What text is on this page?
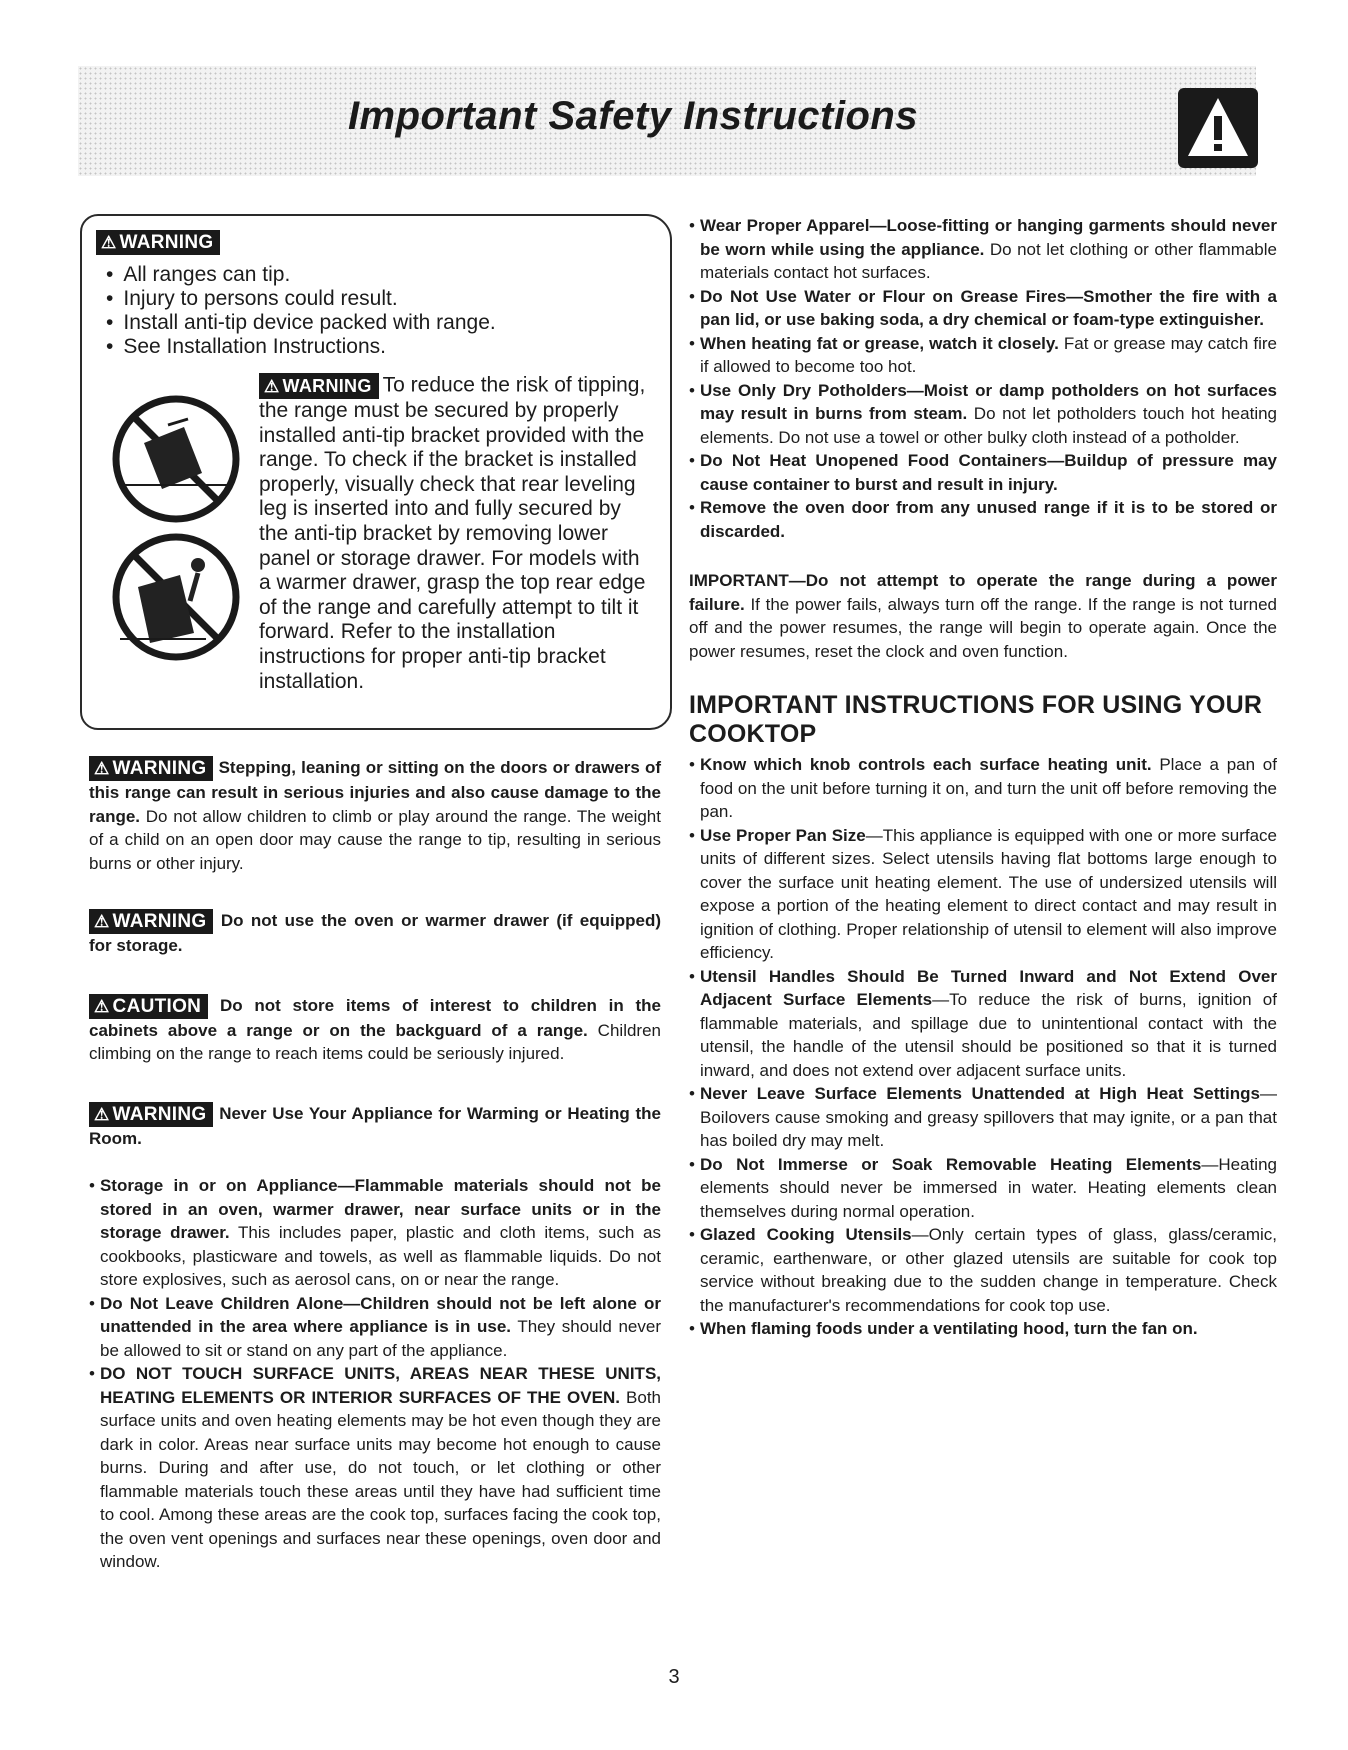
Important Safety Instructions
⚠ WARNING
• All ranges can tip.
• Injury to persons could result.
• Install anti-tip device packed with range.
• See Installation Instructions.
⚠ WARNING To reduce the risk of tipping, the range must be secured by properly installed anti-tip bracket provided with the range. To check if the bracket is installed properly, visually check that rear leveling leg is inserted into and fully secured by the anti-tip bracket by removing lower panel or storage drawer. For models with a warmer drawer, grasp the top rear edge of the range and carefully attempt to tilt it forward. Refer to the installation instructions for proper anti-tip bracket installation.

⚠ WARNING Stepping, leaning or sitting on the doors or drawers of this range can result in serious injuries and also cause damage to the range. Do not allow children to climb or play around the range. The weight of a child on an open door may cause the range to tip, resulting in serious burns or other injury.

⚠ WARNING Do not use the oven or warmer drawer (if equipped) for storage.

⚠ CAUTION Do not store items of interest to children in the cabinets above a range or on the backguard of a range. Children climbing on the range to reach items could be seriously injured.

⚠ WARNING Never Use Your Appliance for Warming or Heating the Room.

• Storage in or on Appliance—Flammable materials should not be stored in an oven, warmer drawer, near surface units or in the storage drawer. This includes paper, plastic and cloth items, such as cookbooks, plasticware and towels, as well as flammable liquids. Do not store explosives, such as aerosol cans, on or near the range.
• Do Not Leave Children Alone—Children should not be left alone or unattended in the area where appliance is in use. They should never be allowed to sit or stand on any part of the appliance.
• DO NOT TOUCH SURFACE UNITS, AREAS NEAR THESE UNITS, HEATING ELEMENTS OR INTERIOR SURFACES OF THE OVEN. Both surface units and oven heating elements may be hot even though they are dark in color. Areas near surface units may become hot enough to cause burns. During and after use, do not touch, or let clothing or other flammable materials touch these areas until they have had sufficient time to cool. Among these areas are the cook top, surfaces facing the cook top, the oven vent openings and surfaces near these openings, oven door and window.
• Wear Proper Apparel—Loose-fitting or hanging garments should never be worn while using the appliance. Do not let clothing or other flammable materials contact hot surfaces.
• Do Not Use Water or Flour on Grease Fires—Smother the fire with a pan lid, or use baking soda, a dry chemical or foam-type extinguisher.
• When heating fat or grease, watch it closely. Fat or grease may catch fire if allowed to become too hot.
• Use Only Dry Potholders—Moist or damp potholders on hot surfaces may result in burns from steam. Do not let potholders touch hot heating elements. Do not use a towel or other bulky cloth instead of a potholder.
• Do Not Heat Unopened Food Containers—Buildup of pressure may cause container to burst and result in injury.
• Remove the oven door from any unused range if it is to be stored or discarded.

IMPORTANT—Do not attempt to operate the range during a power failure. If the power fails, always turn off the range. If the range is not turned off and the power resumes, the range will begin to operate again. Once the power resumes, reset the clock and oven function.

IMPORTANT INSTRUCTIONS FOR USING YOUR COOKTOP
• Know which knob controls each surface heating unit. Place a pan of food on the unit before turning it on, and turn the unit off before removing the pan.
• Use Proper Pan Size—This appliance is equipped with one or more surface units of different sizes. Select utensils having flat bottoms large enough to cover the surface unit heating element. The use of undersized utensils will expose a portion of the heating element to direct contact and may result in ignition of clothing. Proper relationship of utensil to element will also improve efficiency.
• Utensil Handles Should Be Turned Inward and Not Extend Over Adjacent Surface Elements—To reduce the risk of burns, ignition of flammable materials, and spillage due to unintentional contact with the utensil, the handle of the utensil should be positioned so that it is turned inward, and does not extend over adjacent surface units.
• Never Leave Surface Elements Unattended at High Heat Settings—Boilovers cause smoking and greasy spillovers that may ignite, or a pan that has boiled dry may melt.
• Do Not Immerse or Soak Removable Heating Elements—Heating elements should never be immersed in water. Heating elements clean themselves during normal operation.
• Glazed Cooking Utensils—Only certain types of glass, glass/ceramic, ceramic, earthenware, or other glazed utensils are suitable for cook top service without breaking due to the sudden change in temperature. Check the manufacturer's recommendations for cook top use.
• When flaming foods under a ventilating hood, turn the fan on.
3
